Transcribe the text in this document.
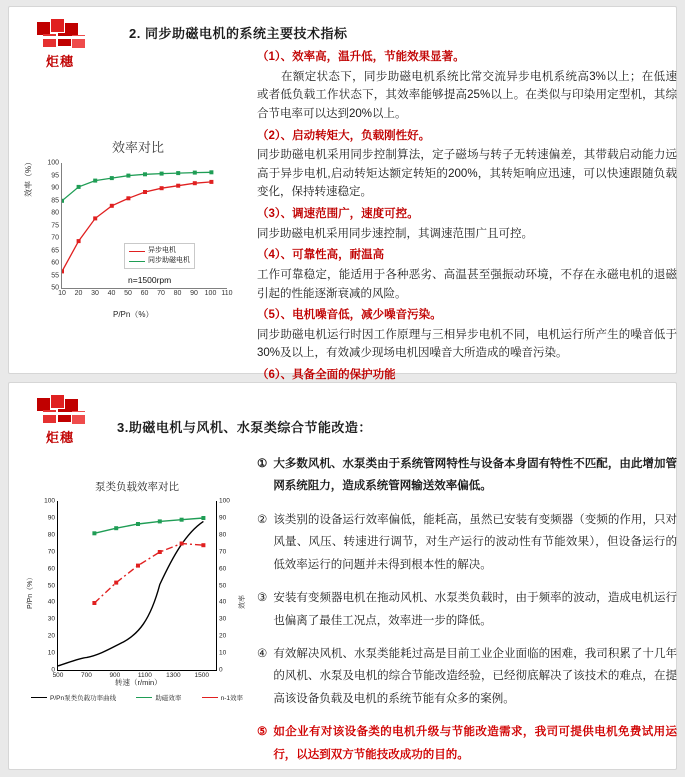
炬穗
2. 同步助磁电机的系统主要技术指标
（1）、效率高，温升低，节能效果显著。
在额定状态下，同步助磁电机系统比常交流异步电机系统高3%以上；在低速或者低负载工作状态下，其效率能够提高25%以上。在类似与印染用定型机，其综合节电率可以达到20%以上。
（2）、启动转矩大，负载刚性好。
同步助磁电机采用同步控制算法，定子磁场与转子无转速偏差，其带载启动能力远高于异步电机,启动转矩达额定转矩的200%，其转矩响应迅速，可以快速跟随负载变化，保持转速稳定。
（3）、调速范围广，速度可控。
同步助磁电机采用同步速控制，其调速范围广且可控。
（4）、可靠性高，耐温高
工作可靠稳定，能适用于各种恶劣、高温甚至强振动环境，不存在永磁电机的退磁引起的性能逐渐衰减的风险。
（5）、电机噪音低，减少噪音污染。
同步助磁电机运行时因工作原理与三相异步电机不同，电机运行所产生的噪音低于30%及以上，有效减少现场电机因噪音大所造成的噪音污染。
（6）、具备全面的保护功能
效率对比
效率（%）
P/Pn（%）
50
55
60
65
70
75
80
85
90
95
100
10 20 30 40 50 60 70 80 90 100 110
异步电机
同步助磁电机
n=1500rpm
炬穗
3.助磁电机与风机、水泵类综合节能改造：
① 大多数风机、水泵类由于系统管网特性与设备本身固有特性不匹配，由此增加管网系统阻力，造成系统管网输送效率偏低。
② 该类别的设备运行效率偏低，能耗高，虽然已安装有变频器（变频的作用，只对风量、风压、转速进行调节，对生产运行的波动性有节能效果），但设备运行的低效率运行的问题并未得到根本性的解决。
③ 安装有变频器电机在拖动风机、水泵类负载时，由于频率的波动，造成电机运行也偏离了最佳工况点，效率进一步的降低。
④ 有效解决风机、水泵类能耗过高是目前工业企业面临的困难，我司积累了十几年的风机、水泵及电机的综合节能改造经验，已经彻底解决了该技术的难点，在提高该设备负载及电机的系统节能有众多的案例。
⑤ 如企业有对该设备类的电机升级与节能改造需求，我司可提供电机免费试用运行，以达到双方节能技改成功的目的。
泵类负载效率对比
P/Pn（%）	效率
转速（r/min）
0
10
20
30
40
50
60
70
80
90
100
0
10
20
30
40
50
60
70
80
90
100
500	700	900	1100 1300 1500
P/Pn泵类负载功率曲线	助磁效率	n-1效率
